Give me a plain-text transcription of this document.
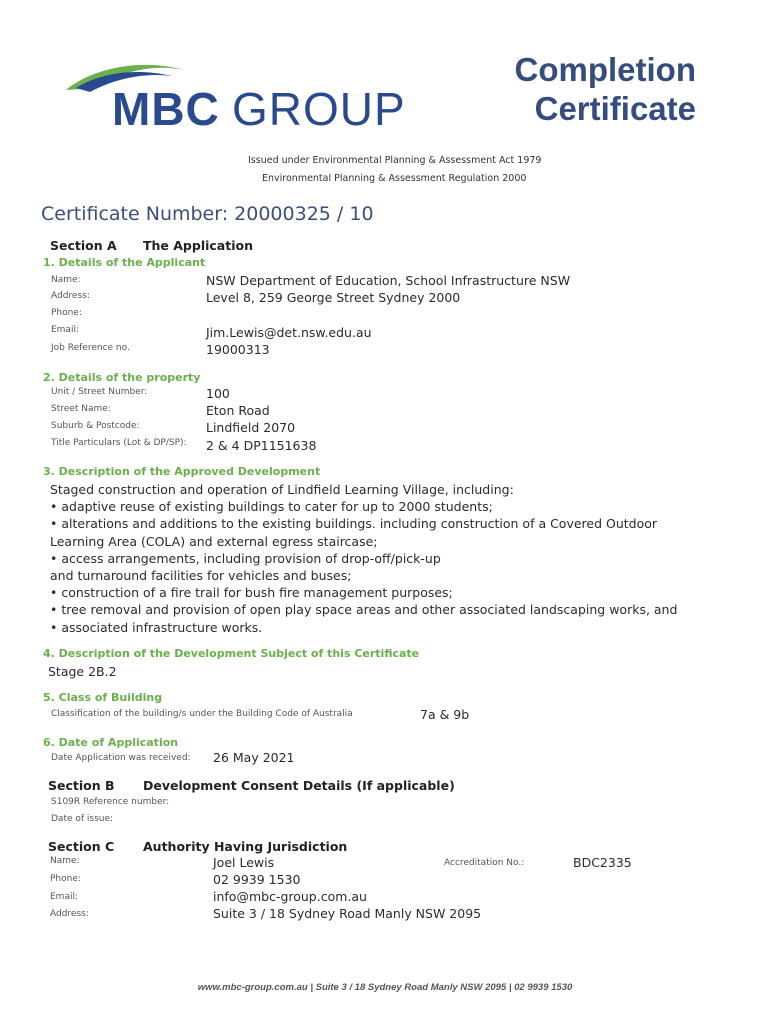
MBC GROUP
Completion
Certificate
Issued under Environmental Planning & Assessment Act 1979
Environmental Planning & Assessment Regulation 2000
Certificate Number: 20000325 / 10
Section A The Application
1. Details of the Applicant
Name:	NSW Department of Education, School Infrastructure NSW
Address:	Level 8, 259 George Street Sydney 2000
Phone:
Email:	Jim.Lewis@det.nsw.edu.au
Job Reference no.	19000313
2. Details of the property
Unit / Street Number:	100
Street Name:	Eton Road
Suburb & Postcode:	Lindfield 2070
Title Particulars (Lot & DP/SP): 2 & 4 DP1151638
3. Description of the Approved Development
Staged construction and operation of Lindfield Learning Village, including:
• adaptive reuse of existing buildings to cater for up to 2000 students;
• alterations and additions to the existing buildings. including construction of a Covered Outdoor
Learning Area (COLA) and external egress staircase;
• access arrangements, including provision of drop-off/pick-up
and turnaround facilities for vehicles and buses;
• construction of a fire trail for bush fire management purposes;
• tree removal and provision of open play space areas and other associated landscaping works, and
• associated infrastructure works.
4. Description of the Development Subject of this Certificate
Stage 2B.2
5. Class of Building
Classification of the building/s under the Building Code of Australia	7a & 9b
6. Date of Application
Date Application was received: 26 May 2021
Section B Development Consent Details (If applicable)
S109R Reference number:
Date of issue:
Section C Authority Having Jurisdiction
Name:	Joel Lewis	Accreditation No.:	BDC2335
Phone:	02 9939 1530
Email:	info@mbc-group.com.au
Address:	Suite 3 / 18 Sydney Road Manly NSW 2095
www.mbc-group.com.au | Suite 3 / 18 Sydney Road Manly NSW 2095 | 02 9939 1530
